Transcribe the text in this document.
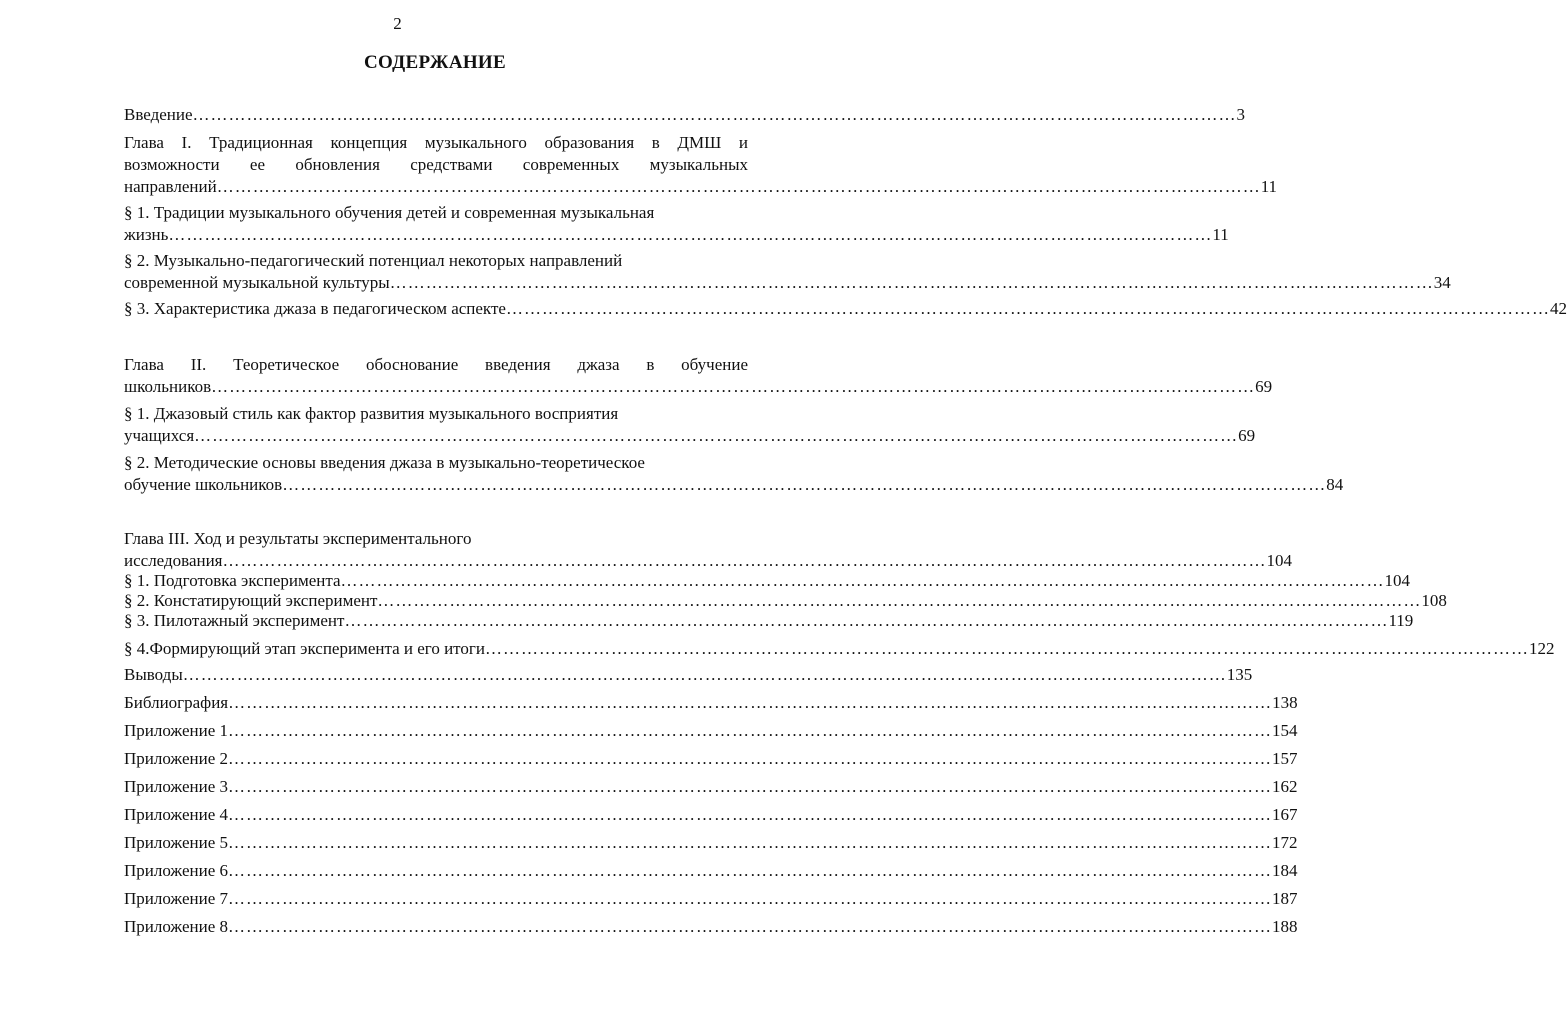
2
СОДЕРЖАНИЕ
Введение ………………………………………………………………………………………………………………………………………………………… 3
Глава I. Традиционная концепция музыкального образования в ДМШ и
возможности ее обновления средствами современных музыкальных
направлений ………………………………………………………………………………………………………………………………………………………… 11
§ 1. Традиции музыкального обучения детей и современная музыкальная
жизнь ………………………………………………………………………………………………………………………………………………………… 11
§ 2. Музыкально-педагогический потенциал некоторых направлений
современной музыкальной культуры ………………………………………………………………………………………………………………………………………………………… 34
§ 3. Характеристика джаза в педагогическом аспекте ………………………………………………………………………………………………………………………………………………………… 42
Глава II. Теоретическое обоснование введения джаза в обучение
школьников ………………………………………………………………………………………………………………………………………………………… 69
§ 1. Джазовый стиль как фактор развития музыкального восприятия
учащихся ………………………………………………………………………………………………………………………………………………………… 69
§ 2. Методические основы введения джаза в музыкально-теоретическое
обучение школьников ………………………………………………………………………………………………………………………………………………………… 84
Глава III. Ход и результаты экспериментального
исследования ………………………………………………………………………………………………………………………………………………………… 104
§ 1. Подготовка эксперимента ………………………………………………………………………………………………………………………………………………………… 104
§ 2. Констатирующий эксперимент ………………………………………………………………………………………………………………………………………………………… 108
§ 3. Пилотажный эксперимент ………………………………………………………………………………………………………………………………………………………… 119
§ 4.Формирующий этап эксперимента и его итоги ………………………………………………………………………………………………………………………………………………………… 122
Выводы ………………………………………………………………………………………………………………………………………………………… 135
Библиография ………………………………………………………………………………………………………………………………………………………… 138
Приложение 1 ………………………………………………………………………………………………………………………………………………………… 154
Приложение 2 ………………………………………………………………………………………………………………………………………………………… 157
Приложение 3 ………………………………………………………………………………………………………………………………………………………… 162
Приложение 4 ………………………………………………………………………………………………………………………………………………………… 167
Приложение 5 ………………………………………………………………………………………………………………………………………………………… 172
Приложение 6 ………………………………………………………………………………………………………………………………………………………… 184
Приложение 7 ………………………………………………………………………………………………………………………………………………………… 187
Приложение 8 ………………………………………………………………………………………………………………………………………………………… 188
